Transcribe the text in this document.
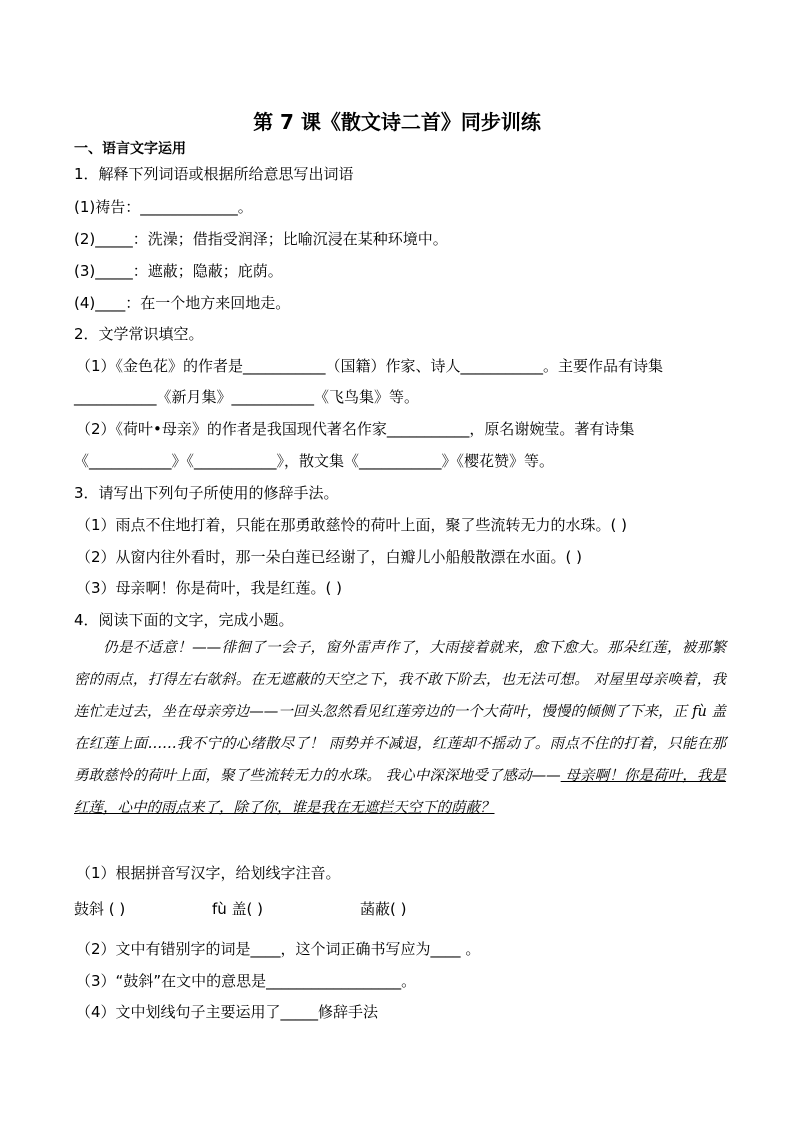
第 7 课《散文诗二首》同步训练
一、语言文字运用
1．解释下列词语或根据所给意思写出词语
(1)祷告：_____________。
(2)_____：洗澡；借指受润泽；比喻沉浸在某种环境中。
(3)_____：遮蔽；隐蔽；庇荫。
(4)____：在一个地方来回地走。
2．文学常识填空。
（1）《金色花》的作者是___________（国籍）作家、诗人___________。主要作品有诗集
___________《新月集》___________《飞鸟集》等。
（2）《荷叶•母亲》的作者是我国现代著名作家___________，原名谢婉莹。著有诗集
《___________》《___________》，散文集《___________》《樱花赞》等。
3．请写出下列句子所使用的修辞手法。
（1）雨点不住地打着，只能在那勇敢慈怜的荷叶上面，聚了些流转无力的水珠。( )
（2）从窗内往外看时，那一朵白莲已经谢了，白瓣儿小船般散漂在水面。( )
（3）母亲啊！你是荷叶，我是红莲。( )
4．阅读下面的文字，完成小题。

仍是不适意！——徘徊了一会子，窗外雷声作了，大雨接着就来，愈下愈大。那朵红莲，被那繁密的雨点，打得左右欹斜。在无遮蔽的天空之下，我不敢下阶去，也无法可想。 对屋里母亲唤着，我连忙走过去，坐在母亲旁边——一回头忽然看见红莲旁边的一个大荷叶，慢慢的倾侧了下来，正 fù 盖在红莲上面……我不宁的心绪散尽了！ 雨势并不减退，红莲却不摇动了。雨点不住的打着，只能在那勇敢慈怜的荷叶上面，聚了些流转无力的水珠。 我心中深深地受了感动—— 母亲啊！你是荷叶，我是红莲，心中的雨点来了，除了你，谁是我在无遮拦天空下的荫蔽？

（1）根据拼音写汉字，给划线字注音。
鼓斜 ( )	fù 盖( )	菡蔽( )
（2）文中有错别字的词是____，这个词正确书写应为____ 。
（3）“鼓斜”在文中的意思是__________________。
（4）文中划线句子主要运用了_____修辞手法
